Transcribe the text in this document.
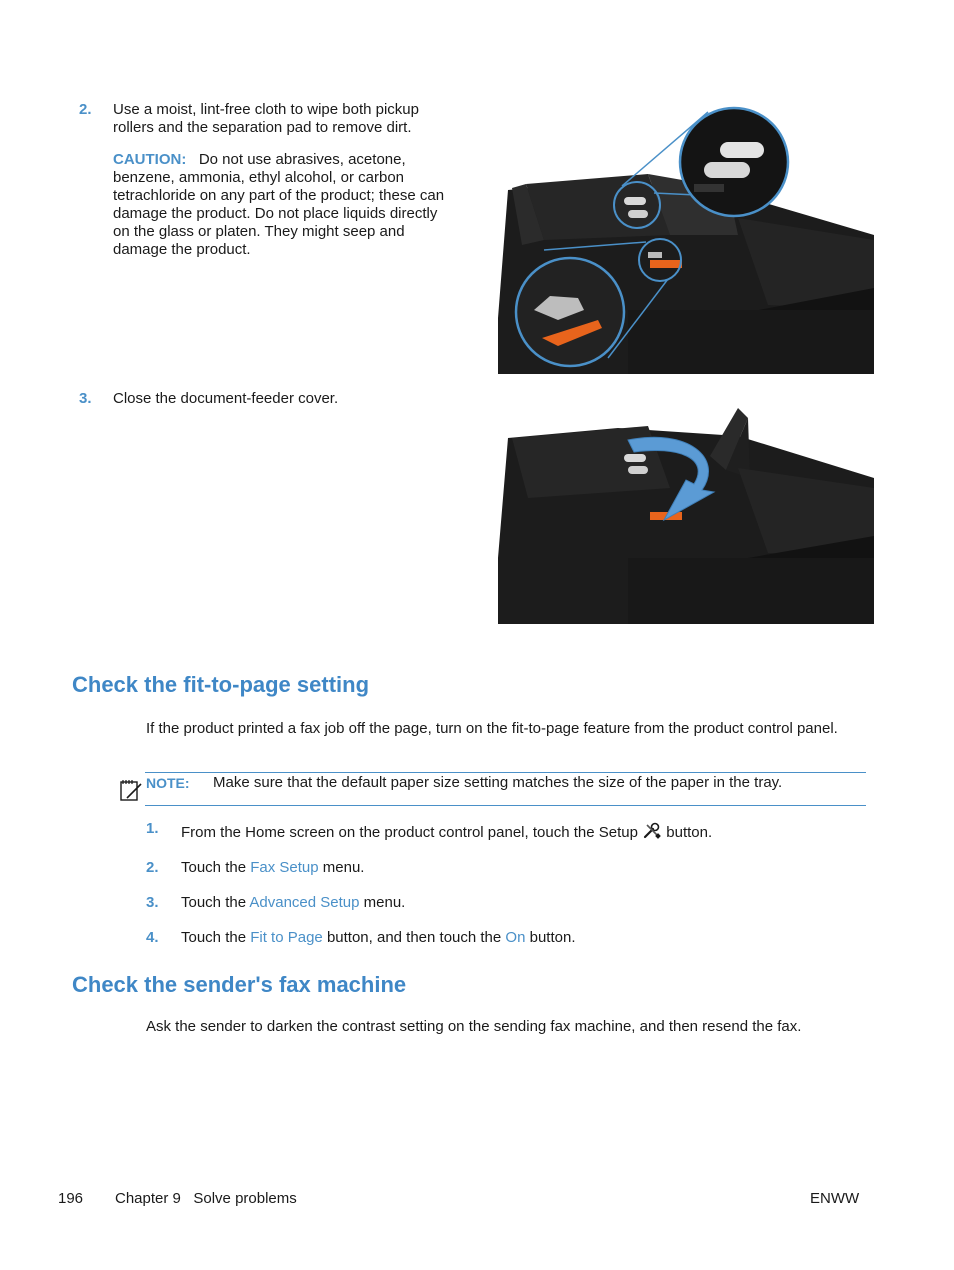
2. Use a moist, lint-free cloth to wipe both pickup rollers and the separation pad to remove dirt.
CAUTION: Do not use abrasives, acetone, benzene, ammonia, ethyl alcohol, or carbon tetrachloride on any part of the product; these can damage the product. Do not place liquids directly on the glass or platen. They might seep and damage the product.
3. Close the document-feeder cover.
Check the fit-to-page setting
If the product printed a fax job off the page, turn on the fit-to-page feature from the product control panel.
NOTE: Make sure that the default paper size setting matches the size of the paper in the tray.
1. From the Home screen on the product control panel, touch the Setup button.
2. Touch the Fax Setup menu.
3. Touch the Advanced Setup menu.
4. Touch the Fit to Page button, and then touch the On button.
Check the sender's fax machine
Ask the sender to darken the contrast setting on the sending fax machine, and then resend the fax.
196 Chapter 9   Solve problems	ENWW
